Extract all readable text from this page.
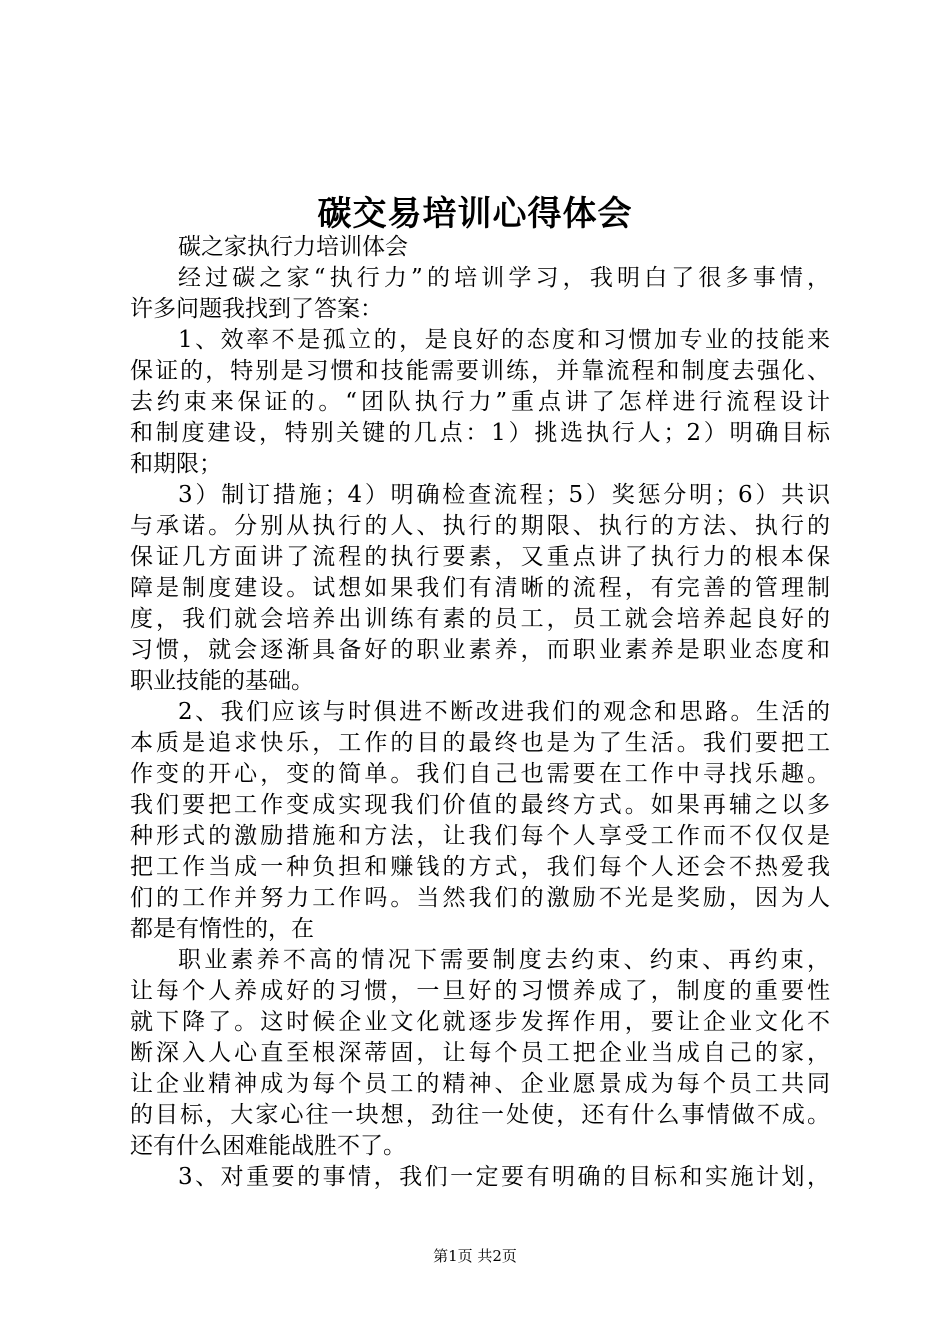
碳交易培训心得体会
碳之家执行力培训体会
经过碳之家“执行力”的培训学习，我明白了很多事情，
许多问题我找到了答案：
1、效率不是孤立的，是良好的态度和习惯加专业的技能来
保证的，特别是习惯和技能需要训练，并靠流程和制度去强化、
去约束来保证的。“团队执行力”重点讲了怎样进行流程设计
和制度建设，特别关键的几点：1）挑选执行人；2）明确目标
和期限；
3）制订措施；4）明确检查流程；5）奖惩分明；6）共识
与承诺。分别从执行的人、执行的期限、执行的方法、执行的
保证几方面讲了流程的执行要素，又重点讲了执行力的根本保
障是制度建设。试想如果我们有清晰的流程，有完善的管理制
度，我们就会培养出训练有素的员工，员工就会培养起良好的
习惯，就会逐渐具备好的职业素养，而职业素养是职业态度和
职业技能的基础。
2、我们应该与时俱进不断改进我们的观念和思路。生活的
本质是追求快乐，工作的目的最终也是为了生活。我们要把工
作变的开心，变的简单。我们自己也需要在工作中寻找乐趣。
我们要把工作变成实现我们价值的最终方式。如果再辅之以多
种形式的激励措施和方法，让我们每个人享受工作而不仅仅是
把工作当成一种负担和赚钱的方式，我们每个人还会不热爱我
们的工作并努力工作吗。当然我们的激励不光是奖励，因为人
都是有惰性的，在
职业素养不高的情况下需要制度去约束、约束、再约束，
让每个人养成好的习惯，一旦好的习惯养成了，制度的重要性
就下降了。这时候企业文化就逐步发挥作用，要让企业文化不
断深入人心直至根深蒂固，让每个员工把企业当成自己的家，
让企业精神成为每个员工的精神、企业愿景成为每个员工共同
的目标，大家心往一块想，劲往一处使，还有什么事情做不成。
还有什么困难能战胜不了。
3、对重要的事情，我们一定要有明确的目标和实施计划，
第1页 共2页
